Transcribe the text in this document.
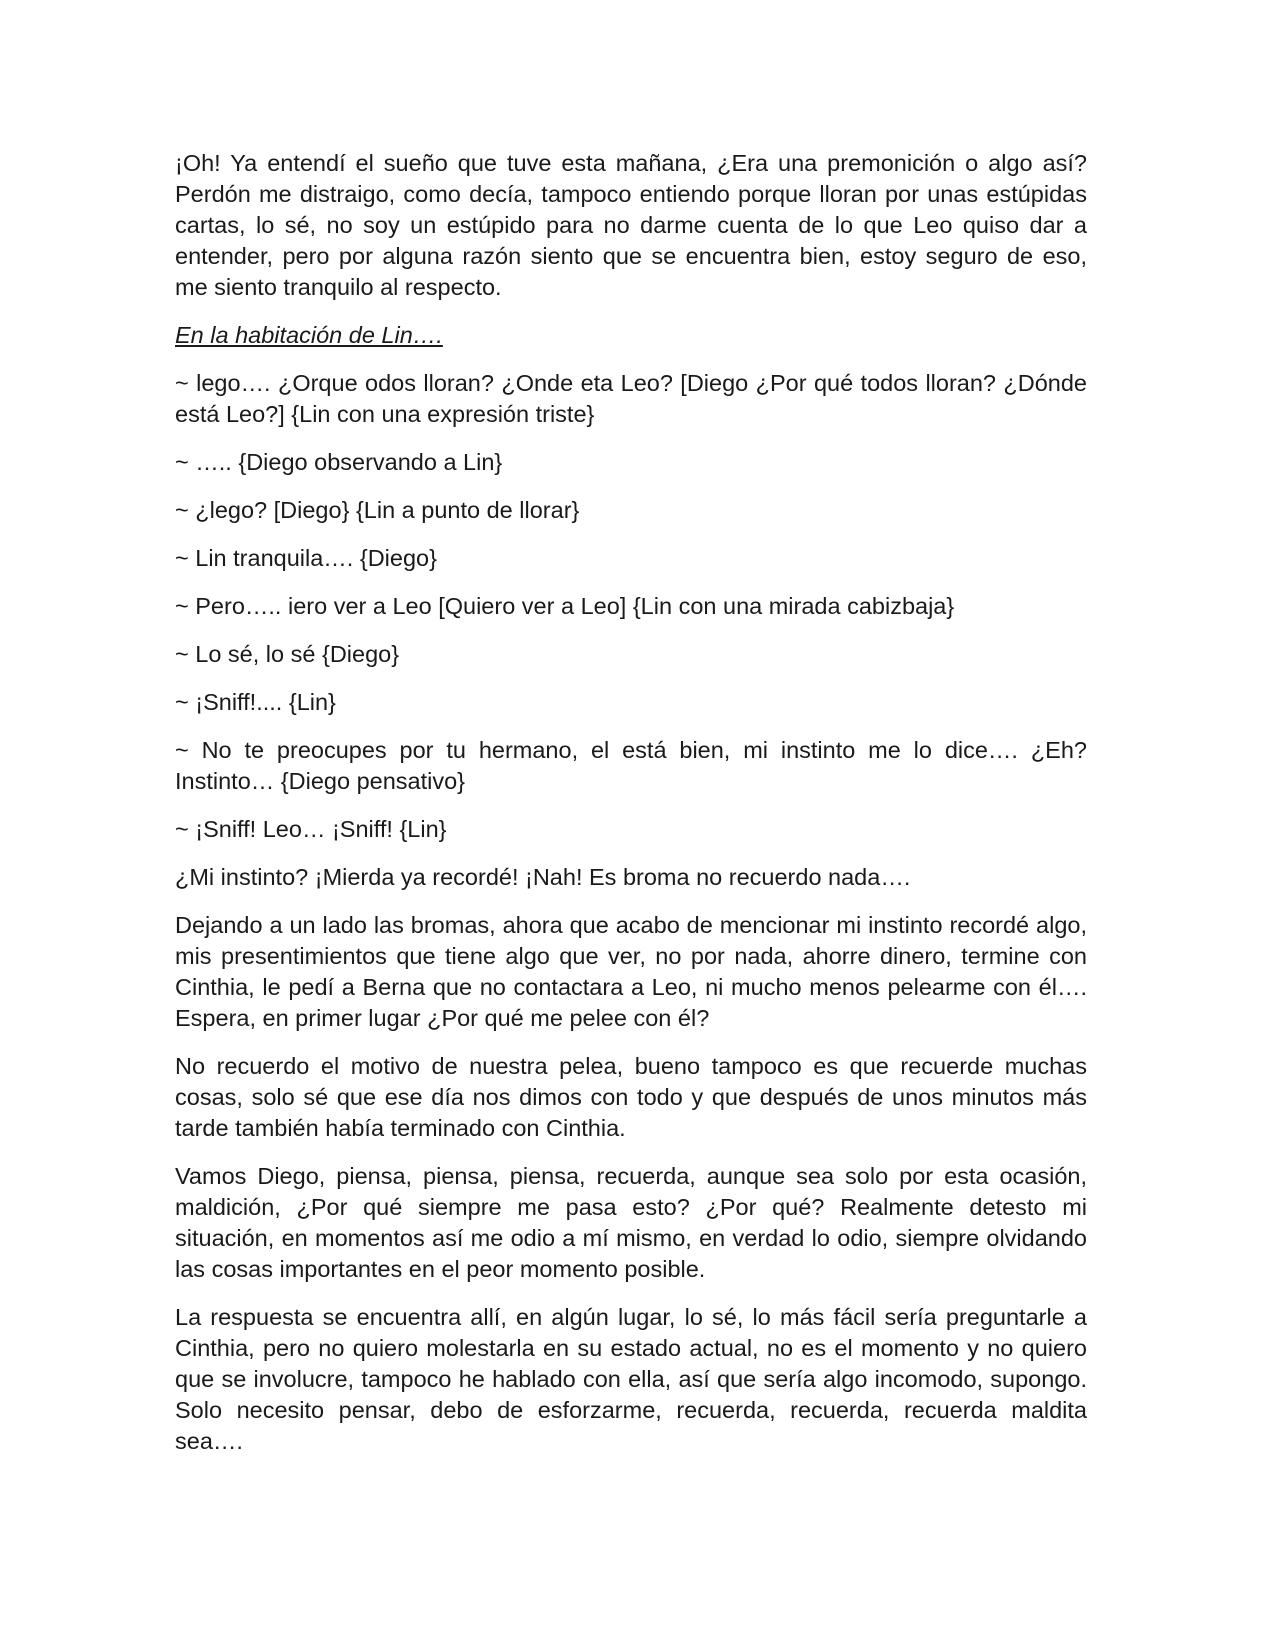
¡Oh! Ya entendí el sueño que tuve esta mañana, ¿Era una premonición o algo así? Perdón me distraigo, como decía, tampoco entiendo porque lloran por unas estúpidas cartas, lo sé, no soy un estúpido para no darme cuenta de lo que Leo quiso dar a entender, pero por alguna razón siento que se encuentra bien, estoy seguro de eso, me siento tranquilo al respecto.

En la habitación de Lin….

~ lego…. ¿Orque odos lloran? ¿Onde eta Leo? [Diego ¿Por qué todos lloran? ¿Dónde está Leo?] {Lin con una expresión triste}

~ ….. {Diego observando a Lin}

~ ¿lego? [Diego} {Lin a punto de llorar}

~ Lin tranquila…. {Diego}

~ Pero….. iero ver a Leo [Quiero ver a Leo] {Lin con una mirada cabizbaja}

~ Lo sé, lo sé {Diego}

~ ¡Sniff!.... {Lin}

~ No te preocupes por tu hermano, el está bien, mi instinto me lo dice…. ¿Eh? Instinto… {Diego pensativo}

~ ¡Sniff! Leo… ¡Sniff! {Lin}

¿Mi instinto? ¡Mierda ya recordé! ¡Nah! Es broma no recuerdo nada….

Dejando a un lado las bromas, ahora que acabo de mencionar mi instinto recordé algo, mis presentimientos que tiene algo que ver, no por nada, ahorre dinero, termine con Cinthia, le pedí a Berna que no contactara a Leo, ni mucho menos pelearme con él…. Espera, en primer lugar ¿Por qué me pelee con él?

No recuerdo el motivo de nuestra pelea, bueno tampoco es que recuerde muchas cosas, solo sé que ese día nos dimos con todo y que después de unos minutos más tarde también había terminado con Cinthia.

Vamos Diego, piensa, piensa, piensa, recuerda, aunque sea solo por esta ocasión, maldición, ¿Por qué siempre me pasa esto? ¿Por qué? Realmente detesto mi situación, en momentos así me odio a mí mismo, en verdad lo odio, siempre olvidando las cosas importantes en el peor momento posible.

La respuesta se encuentra allí, en algún lugar, lo sé, lo más fácil sería preguntarle a Cinthia, pero no quiero molestarla en su estado actual, no es el momento y no quiero que se involucre, tampoco he hablado con ella, así que sería algo incomodo, supongo. Solo necesito pensar, debo de esforzarme, recuerda, recuerda, recuerda maldita sea….
